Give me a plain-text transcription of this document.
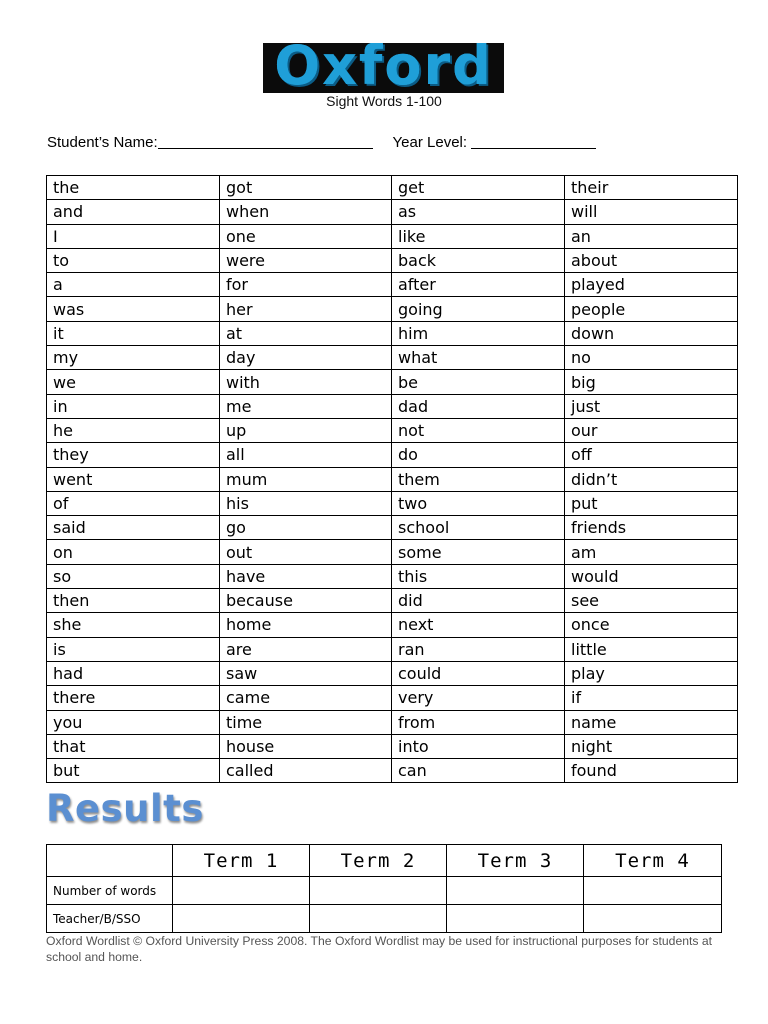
Oxford
Sight Words 1-100
Student’s Name:	Year Level:
the	got	get	their
and	when	as	will
I	one	like	an
to	were	back	about
a	for	after	played
was	her	going	people
it	at	him	down
my	day	what	no
we	with	be	big
in	me	dad	just
he	up	not	our
they	all	do	off
went	mum	them	didn’t
of	his	two	put
said	go	school	friends
on	out	some	am
so	have	this	would
then	because	did	see
she	home	next	once
is	are	ran	little
had	saw	could	play
there	came	very	if
you	time	from	name
that	house	into	night
but	called	can	found
Results
	Term 1	Term 2	Term 3	Term 4
Number of words				
Teacher/B/SSO				
Oxford Wordlist © Oxford University Press 2008. The Oxford Wordlist may be used for instructional purposes for students at school and home.
